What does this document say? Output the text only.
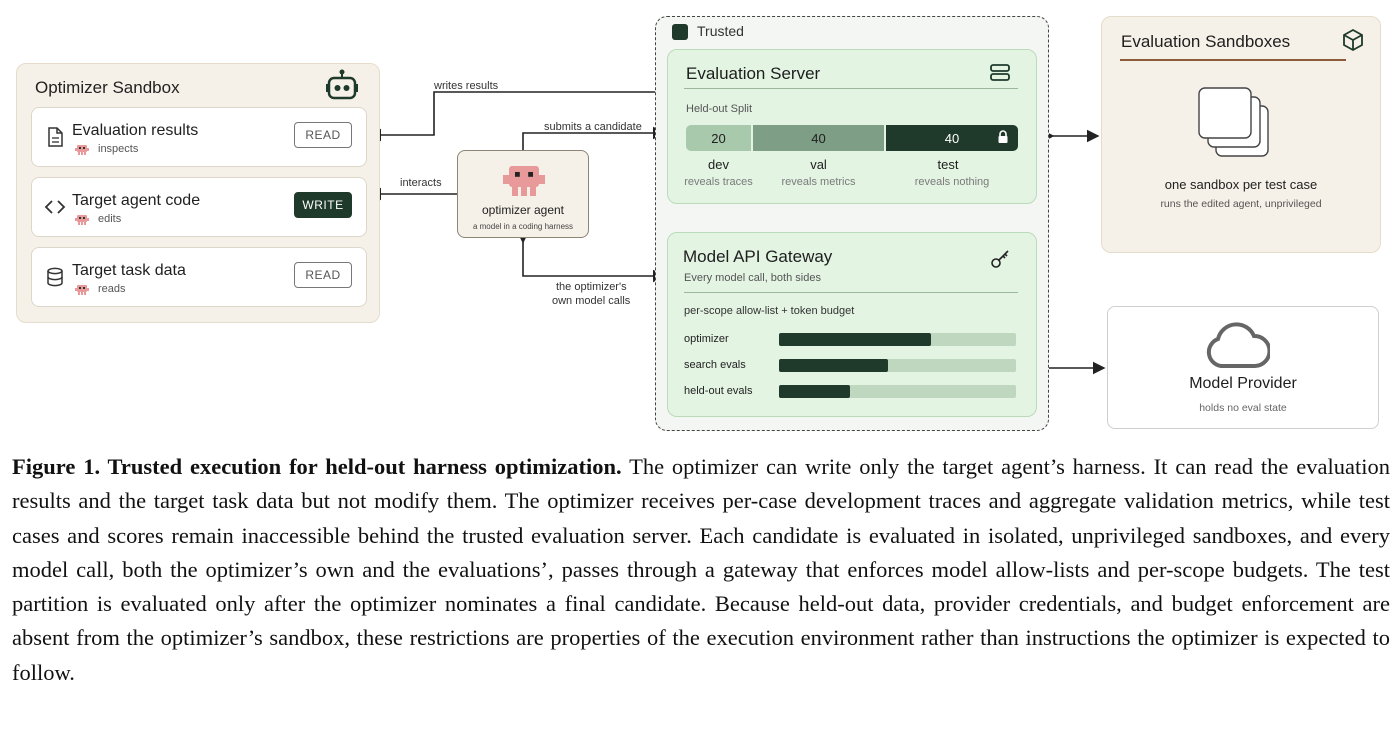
writes results
submits a candidate
interacts
the optimizer's
own model calls
Optimizer Sandbox
Evaluation results
inspects
READ
Target agent code
edits
WRITE
Target task data
reads
READ
optimizer agent
a model in a coding harness
Trusted
Evaluation Server
Held-out Split
20	40	40
dev
reveals traces
val
reveals metrics
test
reveals nothing
Model API Gateway
Every model call, both sides
per-scope allow-list + token budget
optimizer
search evals
held-out evals
Evaluation Sandboxes
one sandbox per test case
runs the edited agent, unprivileged
Model Provider
holds no eval state
Figure 1. Trusted execution for held-out harness optimization. The optimizer can write only the target agent’s harness. It can read the evaluation results and the target task data but not modify them. The optimizer receives per-case development traces and aggregate validation metrics, while test cases and scores remain inaccessible behind the trusted evaluation server. Each candidate is evaluated in isolated, unprivileged sandboxes, and every model call, both the optimizer’s own and the evaluations’, passes through a gateway that enforces model allow-lists and per-scope budgets. The test partition is evaluated only after the optimizer nominates a final candidate. Because held-out data, provider credentials, and budget enforcement are absent from the optimizer’s sandbox, these restrictions are properties of the execution environment rather than instructions the optimizer is expected to follow.
